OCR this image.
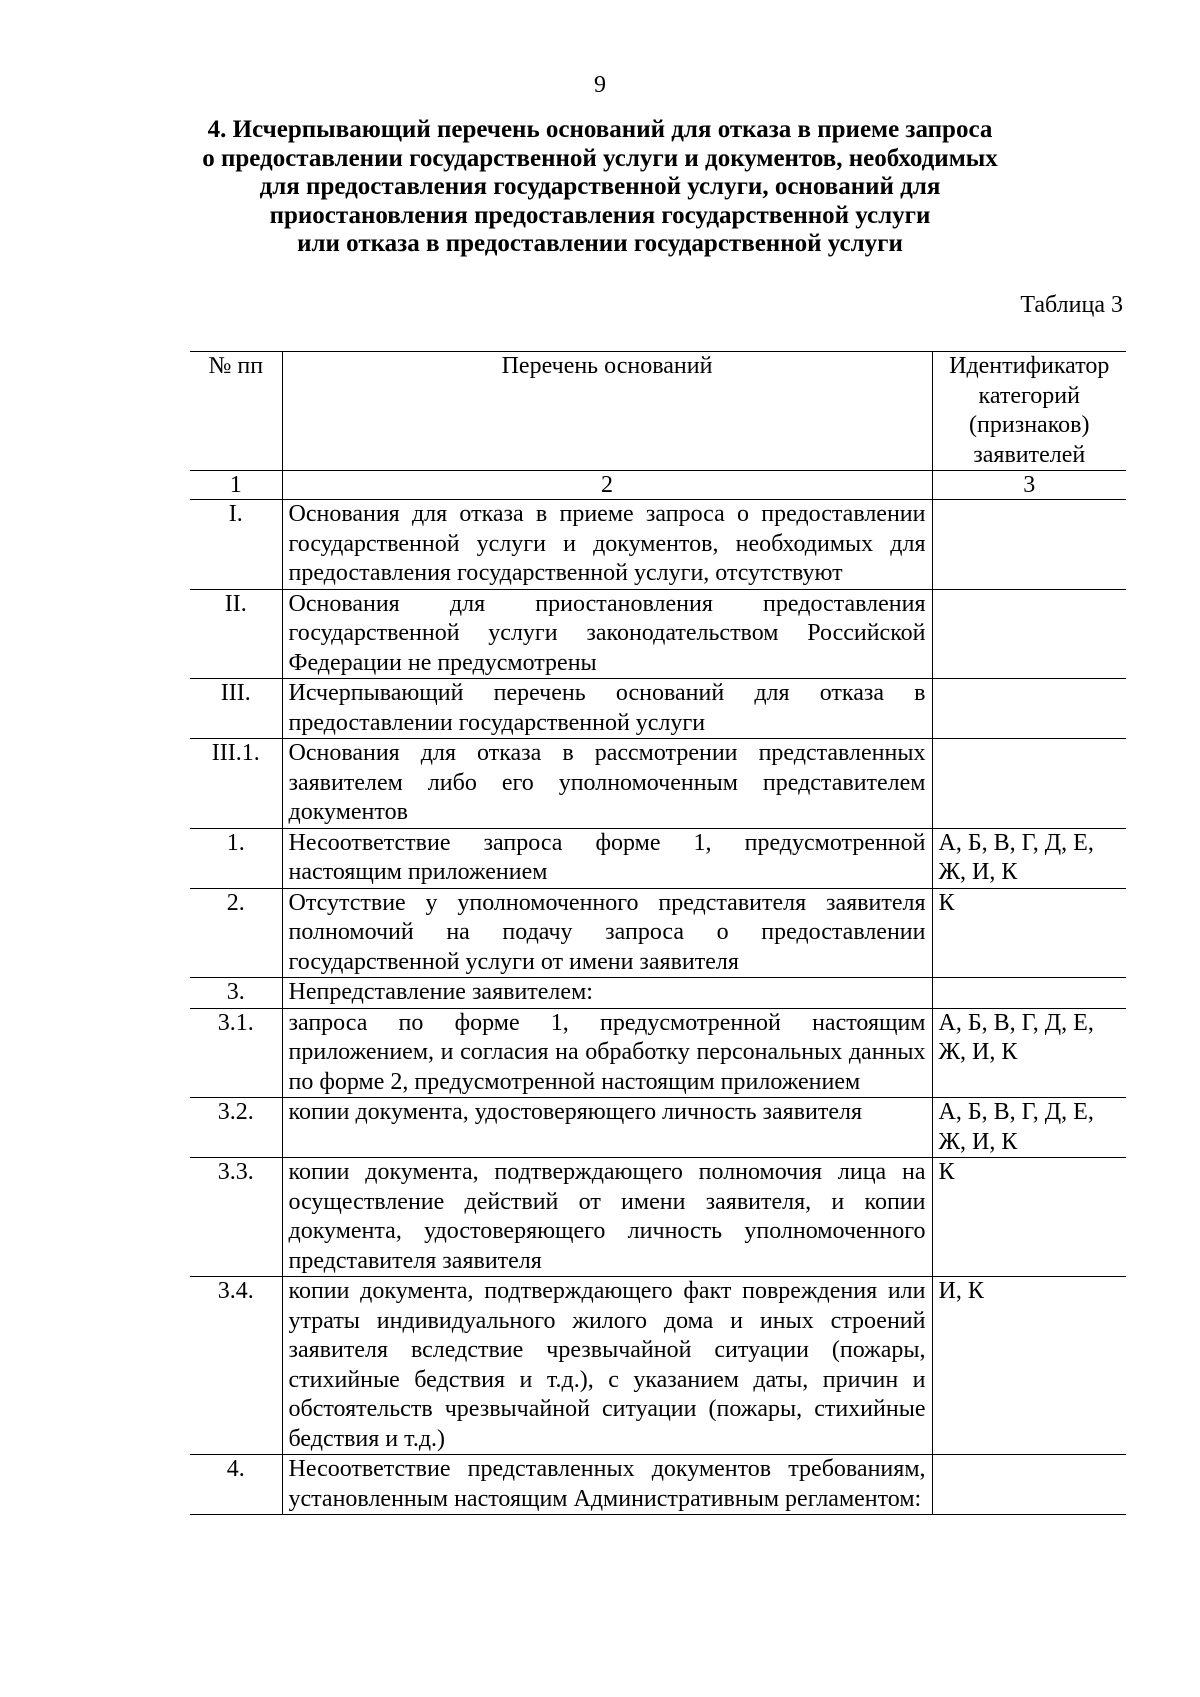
9
4. Исчерпывающий перечень оснований для отказа в приеме запроса
о предоставлении государственной услуги и документов, необходимых
для предоставления государственной услуги, оснований для
приостановления предоставления государственной услуги
или отказа в предоставлении государственной услуги
Таблица 3
№ пп	Перечень оснований	Идентификатор категорий (признаков) заявителей
1	2	3
I.	Основания для отказа в приеме запроса о предоставлении государственной услуги и документов, необходимых для предоставления государственной услуги, отсутствуют	
II.	Основания для приостановления предоставления государственной услуги законодательством Российской Федерации не предусмотрены	
III.	Исчерпывающий перечень оснований для отказа в предоставлении государственной услуги	
III.1.	Основания для отказа в рассмотрении представленных заявителем либо его уполномоченным представителем документов	
1.	Несоответствие запроса форме 1, предусмотренной настоящим приложением	А, Б, В, Г, Д, Е, Ж, И, К
2.	Отсутствие у уполномоченного представителя заявителя полномочий на подачу запроса о предоставлении государственной услуги от имени заявителя	К
3.	Непредставление заявителем:	
3.1.	запроса по форме 1, предусмотренной настоящим приложением, и согласия на обработку персональных данных по форме 2, предусмотренной настоящим приложением	А, Б, В, Г, Д, Е, Ж, И, К
3.2.	копии документа, удостоверяющего личность заявителя	А, Б, В, Г, Д, Е, Ж, И, К
3.3.	копии документа, подтверждающего полномочия лица на осуществление действий от имени заявителя, и копии документа, удостоверяющего личность уполномоченного представителя заявителя	К
3.4.	копии документа, подтверждающего факт повреждения или утраты индивидуального жилого дома и иных строений заявителя вследствие чрезвычайной ситуации (пожары, стихийные бедствия и т.д.), с указанием даты, причин и обстоятельств чрезвычайной ситуации (пожары, стихийные бедствия и т.д.)	И, К
4.	Несоответствие представленных документов требованиям, установленным настоящим Административным регламентом:	
